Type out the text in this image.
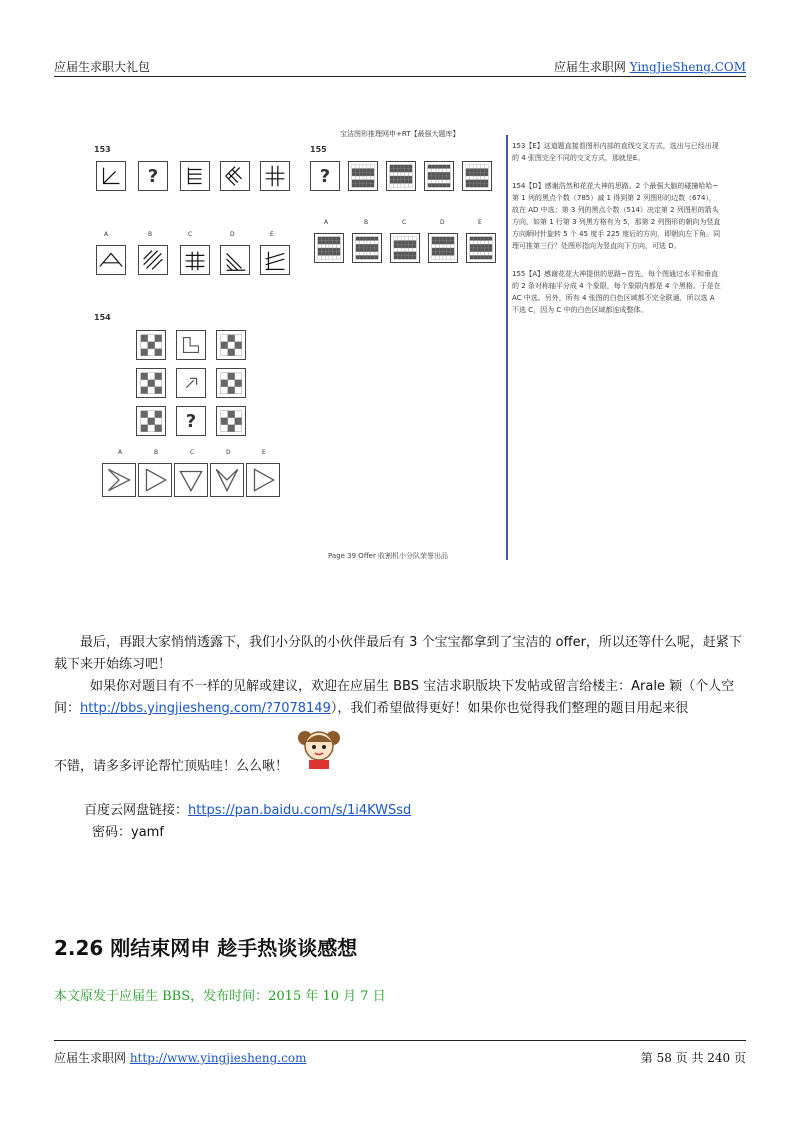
应届生求职大礼包	应届生求职网 YingJieSheng.COM
宝洁图形推理网申+RT【最强大题库】
153
?
A	B	C	D	E
155
?
A	B	C	D	E
154
?
A	B	C	D	E
Page 39 Offer 收割机小分队荣誉出品

153【E】这道题直接看图形内部的直线交叉方式，选出与已经出现的 4 张图完全不同的交叉方式，那就是E。

154【D】感谢浩然和花花大神的思路。2 个最强大脑的碰撞哈哈~第 1 列的黑点个数（785）减 1 得到第 2 列图形的边数（674），故在 AD 中选；第 3 列的黑点个数（514）决定第 2 列图形的箭头方向，如第 1 行第 3 列黑方格有为 5，那第 2 列图形的朝向为竖直方向顺时针旋转 5 个 45 度手 225 度后的方向，即朝向左下角。同理可推第三行？处图形指向为竖直向下方向，可选 D。

155【A】感谢花花大神提供的思路~首先，每个图通过水平和垂直的 2 条对称轴平分成 4 个象限，每个象限内都是 4 个黑格。于是在 AC 中选。另外，所有 4 张图的白色区域都不完全联通，所以选 A 不选 C，因为 C 中的白色区域都连成整体。

最后，再跟大家悄悄透露下，我们小分队的小伙伴最后有 3 个宝宝都拿到了宝洁的 offer，所以还等什么呢，赶紧下载下来开始练习吧！
如果你对题目有不一样的见解或建议，欢迎在应届生 BBS 宝洁求职版块下发帖或留言给楼主：Arale 颖（个人空间：http://bbs.yingjiesheng.com/?7078149），我们希望做得更好！如果你也觉得我们整理的题目用起来很
不错，请多多评论帮忙顶贴哇！么么啾！
百度云网盘链接：https://pan.baidu.com/s/1i4KWSsd
密码：yamf
2.26 刚结束网申 趁手热谈谈感想
本文原发于应届生 BBS，发布时间：2015 年 10 月 7 日
应届生求职网 http://www.yingjiesheng.com	第 58 页 共 240 页
